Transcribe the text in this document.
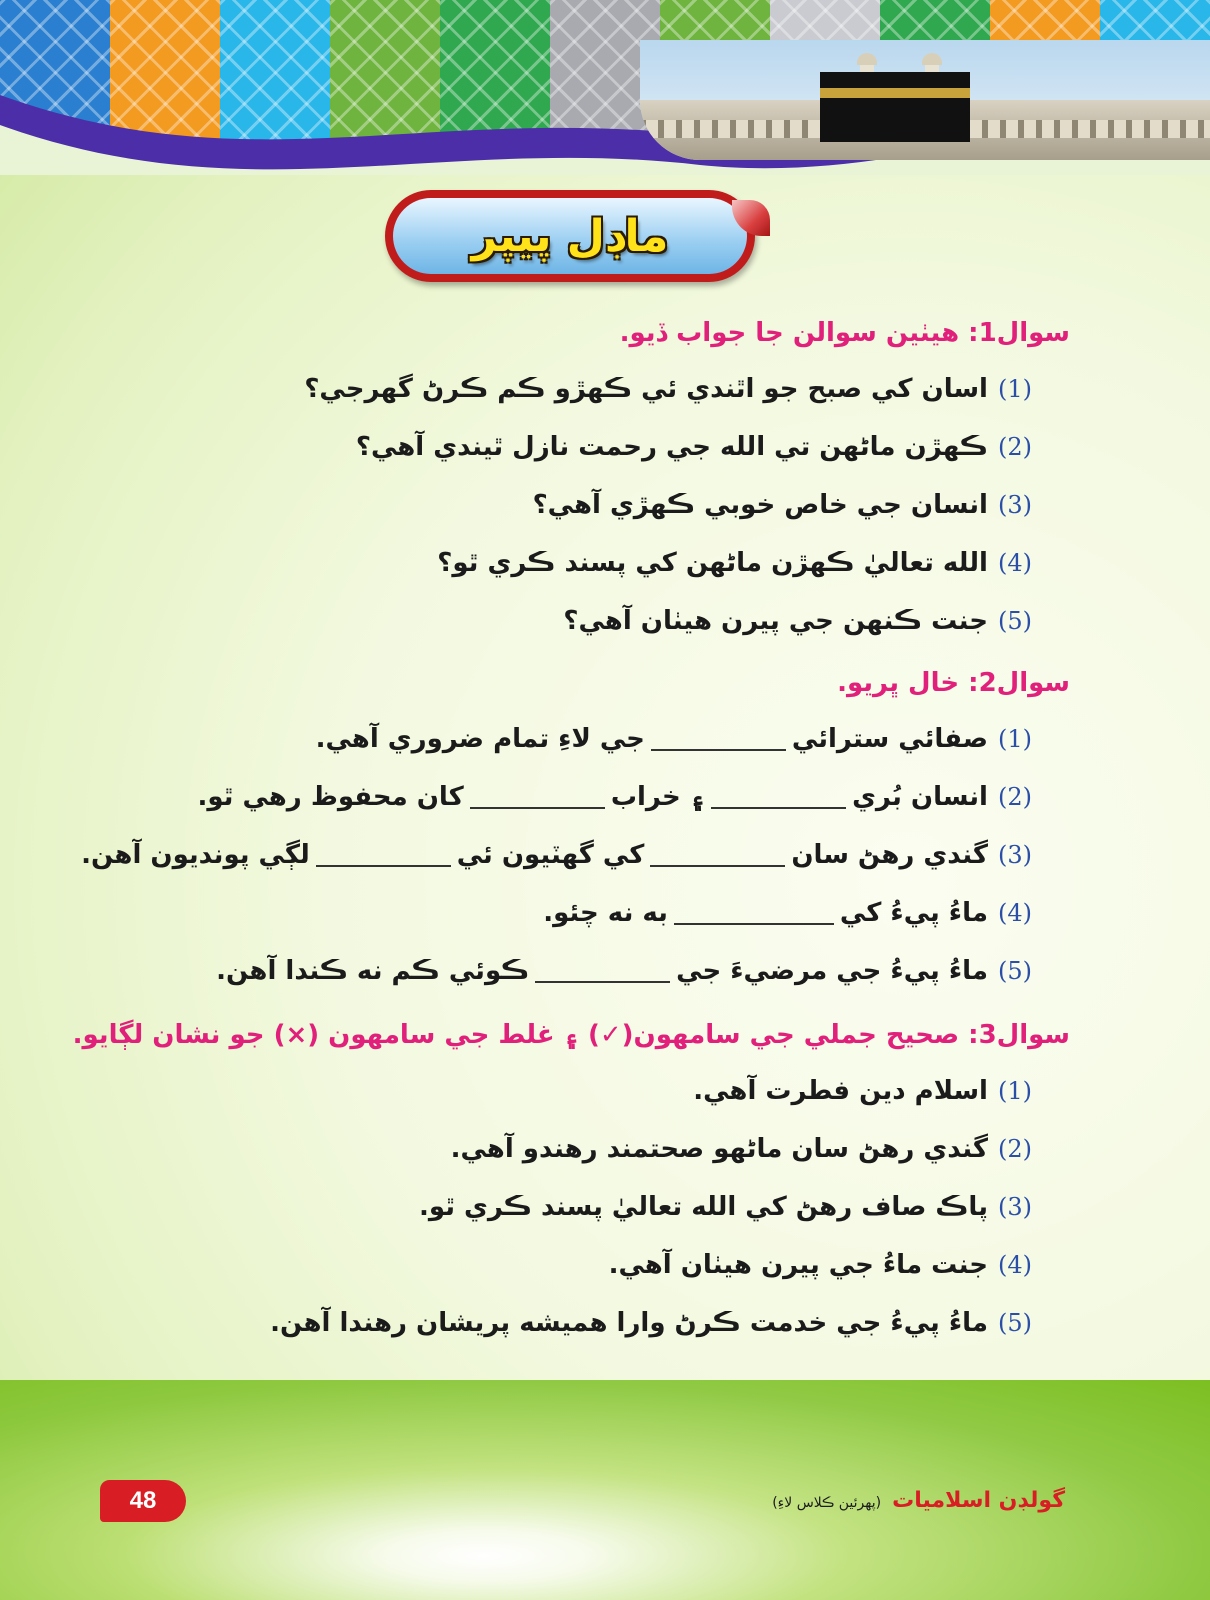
ماڊل پيپر
سوال1: هيٺين سوالن جا جواب ڏيو.
(1)اسان کي صبح جو اٿندي ئي ڪهڙو ڪم ڪرڻ گهرجي؟
(2)ڪهڙن ماڻهن تي الله جي رحمت نازل ٿيندي آهي؟
(3)انسان جي خاص خوبي ڪهڙي آهي؟
(4)الله تعاليٰ ڪهڙن ماڻهن کي پسند ڪري ٿو؟
(5)جنت ڪنهن جي پيرن هيٺان آهي؟
سوال2: خال ڀريو.
(1)صفائي سترائيجي لاءِ تمام ضروري آهي.
(2)انسان بُري۽ خرابکان محفوظ رهي ٿو.
(3)گندي رهڻ سانکي گهٽيون ئيلڳي پونديون آهن.
(4)ماءُ پيءُ کيبه نه چئو.
(5)ماءُ پيءُ جي مرضيءَ جيڪوئي ڪم نه ڪندا آهن.
سوال3: صحيح جملي جي سامهون(✓) ۽ غلط جي سامهون (×) جو نشان لڳايو.
(1)اسلام دين فطرت آهي.
(2)گندي رهڻ سان ماڻهو صحتمند رهندو آهي.
(3)پاڪ صاف رهڻ کي الله تعاليٰ پسند ڪري ٿو.
(4)جنت ماءُ جي پيرن هيٺان آهي.
(5)ماءُ پيءُ جي خدمت ڪرڻ وارا هميشه پريشان رهندا آهن.
48	گولڊن اسلاميات (پهرئين ڪلاس لاءِ)
